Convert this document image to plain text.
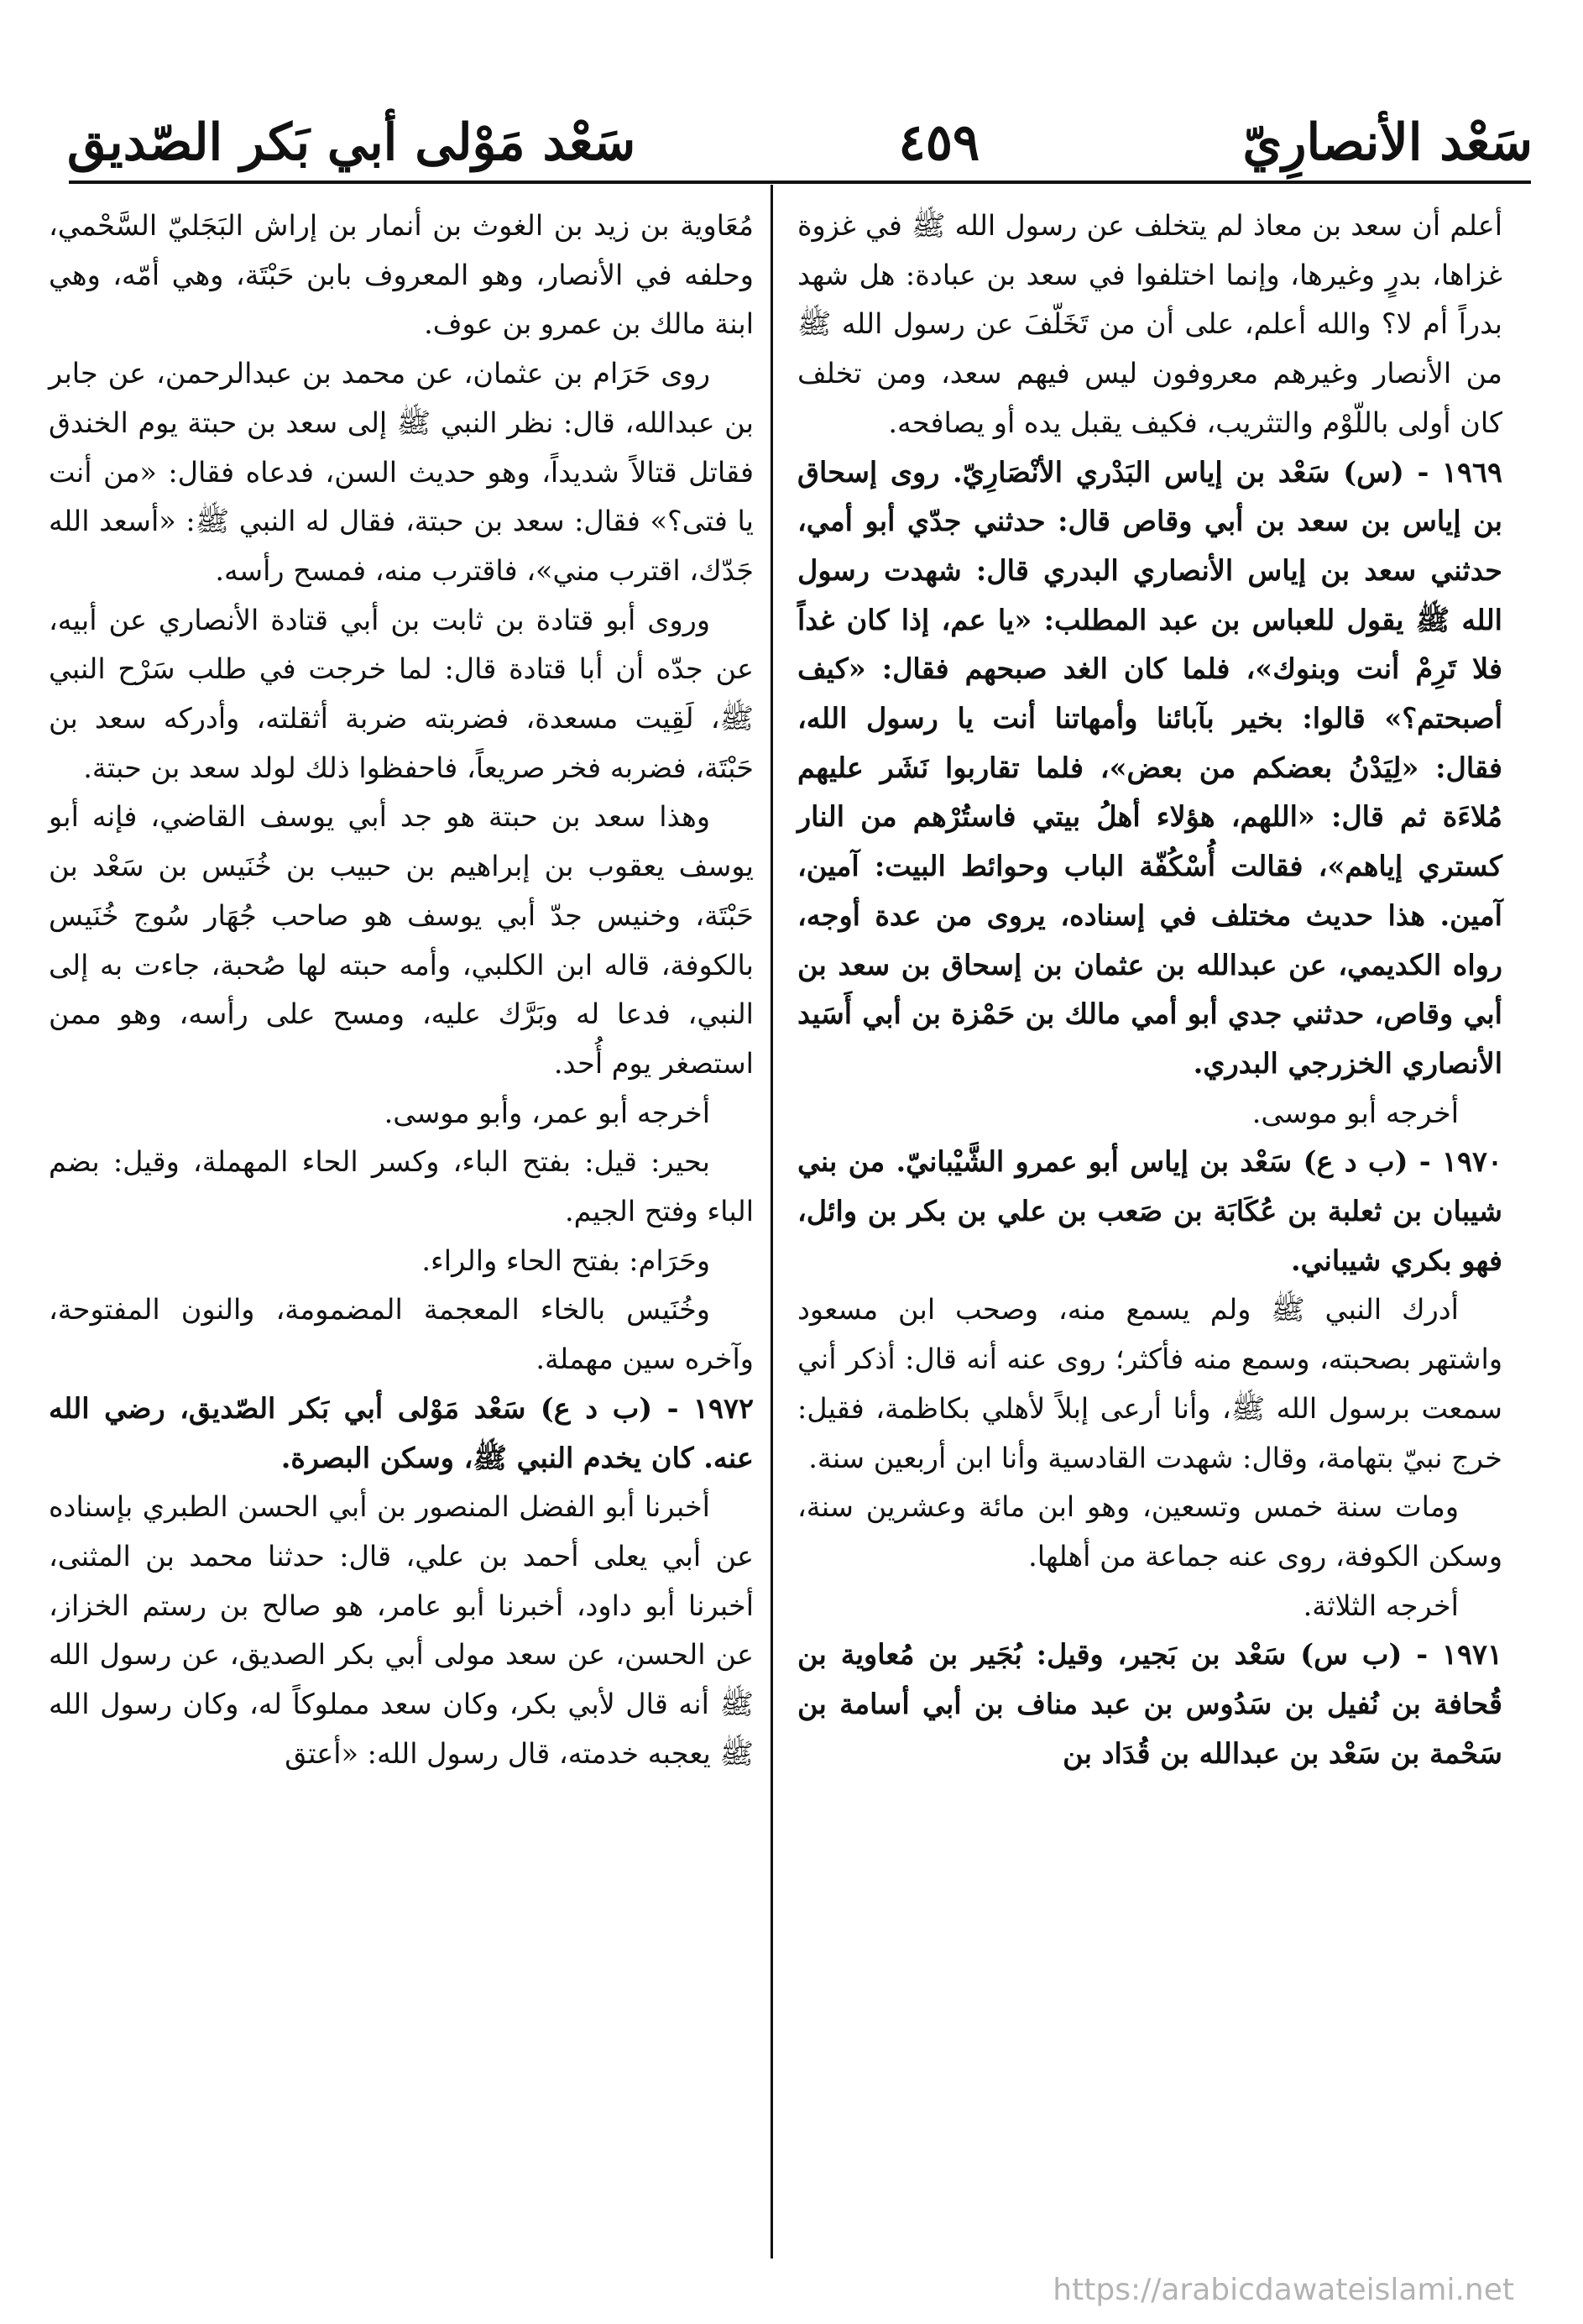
سَعْد الأنصارِيّ
٤٥٩
سَعْد مَوْلى أبي بَكر الصّديق

أعلم أن سعد بن معاذ لم يتخلف عن رسول الله ﷺ في غزوة غزاها، بدرٍ وغيرها، وإنما اختلفوا في سعد بن عبادة: هل شهد بدراً أم لا؟ والله أعلم، على أن من تَخَلّفَ عن رسول الله ﷺ من الأنصار وغيرهم معروفون ليس فيهم سعد، ومن تخلف كان أولى باللّوْم والتثريب، فكيف يقبل يده أو يصافحه.

١٩٦٩ - (س) سَعْد بن إياس البَدْري الأنْصَارِيّ. روى إسحاق بن إياس بن سعد بن أبي وقاص قال: حدثني جدّي أبو أمي، حدثني سعد بن إياس الأنصاري البدري قال: شهدت رسول الله ﷺ يقول للعباس بن عبد المطلب: «يا عم، إذا كان غداً فلا تَرِمْ أنت وبنوك»، فلما كان الغد صبحهم فقال: «كيف أصبحتم؟» قالوا: بخير بآبائنا وأمهاتنا أنت يا رسول الله، فقال: «لِيَدْنُ بعضكم من بعض»، فلما تقاربوا نَشَر عليهم مُلاءَة ثم قال: «اللهم، هؤلاء أهلُ بيتي فاستُرْهم من النار كستري إياهم»، فقالت أُسْكُفّة الباب وحوائط البيت: آمين، آمين. هذا حديث مختلف في إسناده، يروى من عدة أوجه، رواه الكديمي، عن عبدالله بن عثمان بن إسحاق بن سعد بن أبي وقاص، حدثني جدي أبو أمي مالك بن حَمْزة بن أبي أَسَيد الأنصاري الخزرجي البدري.

أخرجه أبو موسى.

١٩٧٠ - (ب د ع) سَعْد بن إياس أبو عمرو الشَّيْبانيّ. من بني شيبان بن ثعلبة بن عُكَابَة بن صَعب بن علي بن بكر بن وائل، فهو بكري شيباني.

أدرك النبي ﷺ ولم يسمع منه، وصحب ابن مسعود واشتهر بصحبته، وسمع منه فأكثر؛ روى عنه أنه قال: أذكر أني سمعت برسول الله ﷺ، وأنا أرعى إبلاً لأهلي بكاظمة، فقيل: خرج نبيّ بتهامة، وقال: شهدت القادسية وأنا ابن أربعين سنة.

ومات سنة خمس وتسعين، وهو ابن مائة وعشرين سنة، وسكن الكوفة، روى عنه جماعة من أهلها.

أخرجه الثلاثة.

١٩٧١ - (ب س) سَعْد بن بَجير، وقيل: بُجَير بن مُعاوية بن قُحافة بن نُفيل بن سَدُوس بن عبد مناف بن أبي أسامة بن سَحْمة بن سَعْد بن عبدالله بن قُدَاد بن

مُعَاوية بن زيد بن الغوث بن أنمار بن إراش البَجَليّ السَّحْمي، وحلفه في الأنصار، وهو المعروف بابن حَبْتَة، وهي أمّه، وهي ابنة مالك بن عمرو بن عوف.

روى حَرَام بن عثمان، عن محمد بن عبدالرحمن، عن جابر بن عبدالله، قال: نظر النبي ﷺ إلى سعد بن حبتة يوم الخندق فقاتل قتالاً شديداً، وهو حديث السن، فدعاه فقال: «من أنت يا فتى؟» فقال: سعد بن حبتة، فقال له النبي ﷺ: «أسعد الله جَدّك، اقترب مني»، فاقترب منه، فمسح رأسه.

وروى أبو قتادة بن ثابت بن أبي قتادة الأنصاري عن أبيه، عن جدّه أن أبا قتادة قال: لما خرجت في طلب سَرْح النبي ﷺ، لَقِيت مسعدة، فضربته ضربة أثقلته، وأدركه سعد بن حَبْتَة، فضربه فخر صريعاً، فاحفظوا ذلك لولد سعد بن حبتة.

وهذا سعد بن حبتة هو جد أبي يوسف القاضي، فإنه أبو يوسف يعقوب بن إبراهيم بن حبيب بن خُنَيس بن سَعْد بن حَبْتَة، وخنيس جدّ أبي يوسف هو صاحب جُهَار سُوج خُنَيس بالكوفة، قاله ابن الكلبي، وأمه حبته لها صُحبة، جاءت به إلى النبي، فدعا له وبَرَّك عليه، ومسح على رأسه، وهو ممن استصغر يوم أُحد.

أخرجه أبو عمر، وأبو موسى.

بحير: قيل: بفتح الباء، وكسر الحاء المهملة، وقيل: بضم الباء وفتح الجيم.

وحَرَام: بفتح الحاء والراء.

وخُنَيس بالخاء المعجمة المضمومة، والنون المفتوحة، وآخره سين مهملة.

١٩٧٢ - (ب د ع) سَعْد مَوْلى أبي بَكر الصّديق، رضي الله عنه. كان يخدم النبي ﷺ، وسكن البصرة.

أخبرنا أبو الفضل المنصور بن أبي الحسن الطبري بإسناده عن أبي يعلى أحمد بن علي، قال: حدثنا محمد بن المثنى، أخبرنا أبو داود، أخبرنا أبو عامر، هو صالح بن رستم الخزاز، عن الحسن، عن سعد مولى أبي بكر الصديق، عن رسول الله ﷺ أنه قال لأبي بكر، وكان سعد مملوكاً له، وكان رسول الله ﷺ يعجبه خدمته، قال رسول الله: «أعتق

https://arabicdawateislami.net
